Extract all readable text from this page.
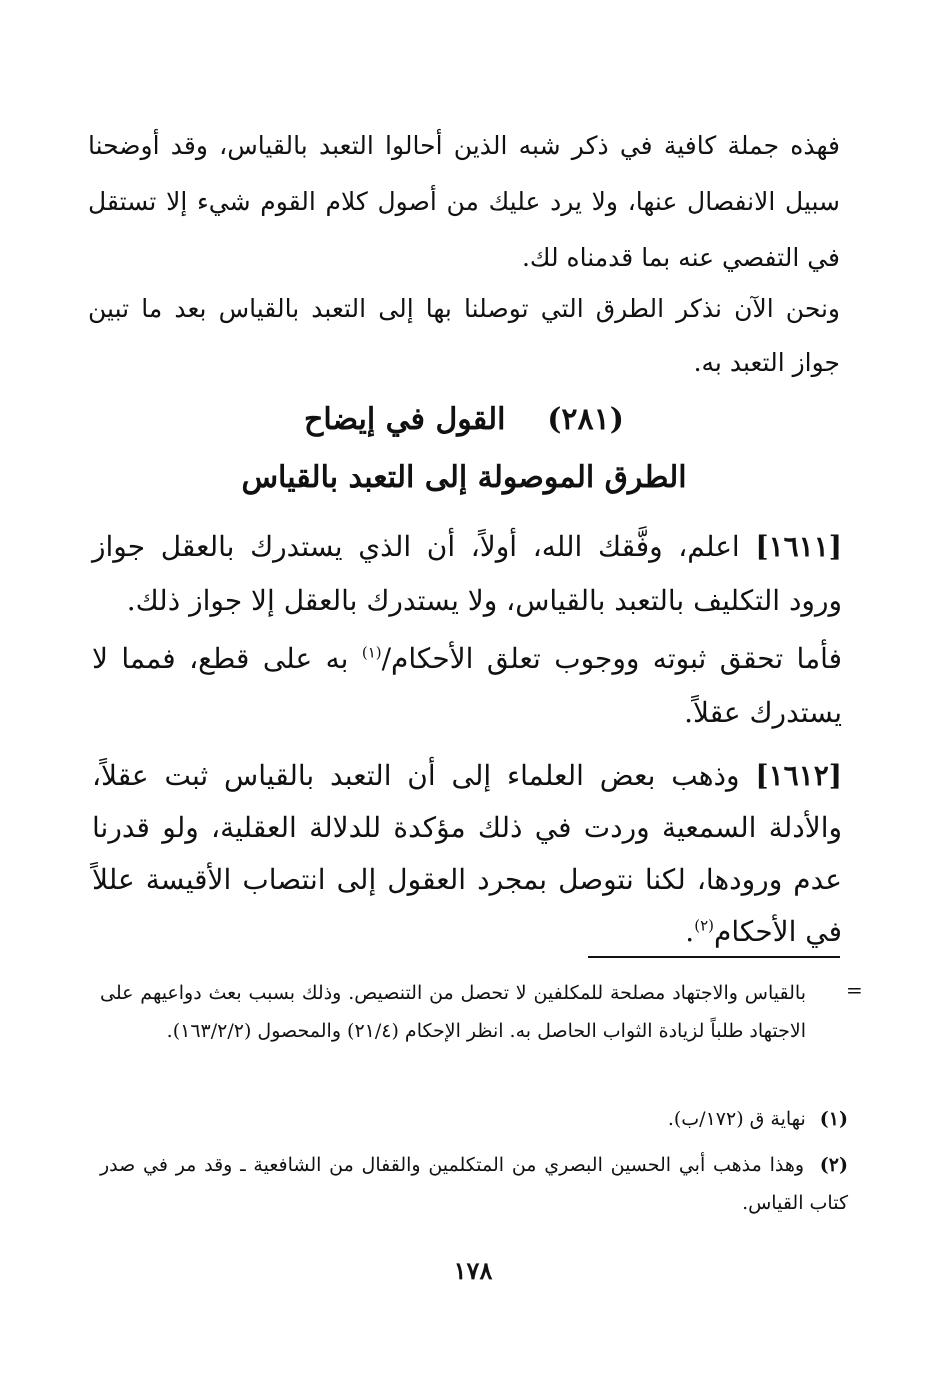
فهذه جملة كافية في ذكر شبه الذين أحالوا التعبد بالقياس، وقد أوضحنا سبيل الانفصال عنها، ولا يرد عليك من أصول كلام القوم شيء إلا تستقل في التفصي عنه بما قدمناه لك.
ونحن الآن نذكر الطرق التي توصلنا بها إلى التعبد بالقياس بعد ما تبين جواز التعبد به.
(٢٨١)    القول في إيضاح
الطرق الموصولة إلى التعبد بالقياس
[١٦١١] اعلم، وفَّقك الله، أولاً، أن الذي يستدرك بالعقل جواز ورود التكليف بالتعبد بالقياس، ولا يستدرك بالعقل إلا جواز ذلك.
فأما تحقق ثبوته ووجوب تعلق الأحكام/$^{(١)}$ به على قطع، فمما لا يستدرك عقلاً.
[١٦١٢] وذهب بعض العلماء إلى أن التعبد بالقياس ثبت عقلاً، والأدلة السمعية وردت في ذلك مؤكدة للدلالة العقلية، ولو قدرنا عدم ورودها، لكنا نتوصل بمجرد العقول إلى انتصاب الأقيسة عللاً في الأحكام$^{(٢)}$.
=
بالقياس والاجتهاد مصلحة للمكلفين لا تحصل من التنصيص. وذلك بسبب بعث دواعيهم على الاجتهاد طلباً لزيادة الثواب الحاصل به. انظر الإحكام (٢١/٤) والمحصول (١٦٣/٢/٢).
(١) نهاية ق (١٧٢/ب).
(٢) وهذا مذهب أبي الحسين البصري من المتكلمين والقفال من الشافعية ـ وقد مر في صدر كتاب القياس.
١٧٨
